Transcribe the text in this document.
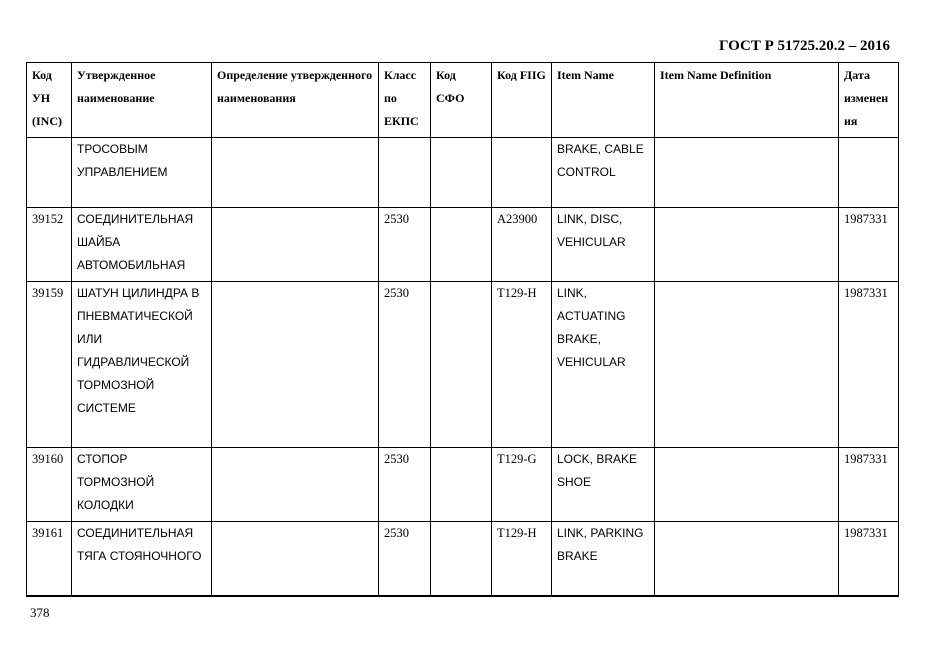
ГОСТ Р 51725.20.2 – 2016
Код УН (INC)	Утвержденное наименование	Определение утвержденного наименования	Класс по ЕКПС	Код СФО	Код FIIG	Item Name	Item Name Definition	Дата изменения
	ТРОСОВЫМ УПРАВЛЕНИЕМ					BRAKE, CABLE CONTROL		
39152	СОЕДИНИТЕЛЬНАЯ ШАЙБА АВТОМОБИЛЬНАЯ		2530		A23900	LINK, DISC, VEHICULAR		1987331
39159	ШАТУН ЦИЛИНДРА В ПНЕВМАТИЧЕСКОЙ ИЛИ ГИДРАВЛИЧЕСКОЙ ТОРМОЗНОЙ СИСТЕМЕ		2530		T129-H	LINK, ACTUATING BRAKE, VEHICULAR		1987331
39160	СТОПОР ТОРМОЗНОЙ КОЛОДКИ		2530		T129-G	LOCK, BRAKE SHOE		1987331
39161	СОЕДИНИТЕЛЬНАЯ ТЯГА СТОЯНОЧНОГО		2530		T129-H	LINK, PARKING BRAKE		1987331
378
